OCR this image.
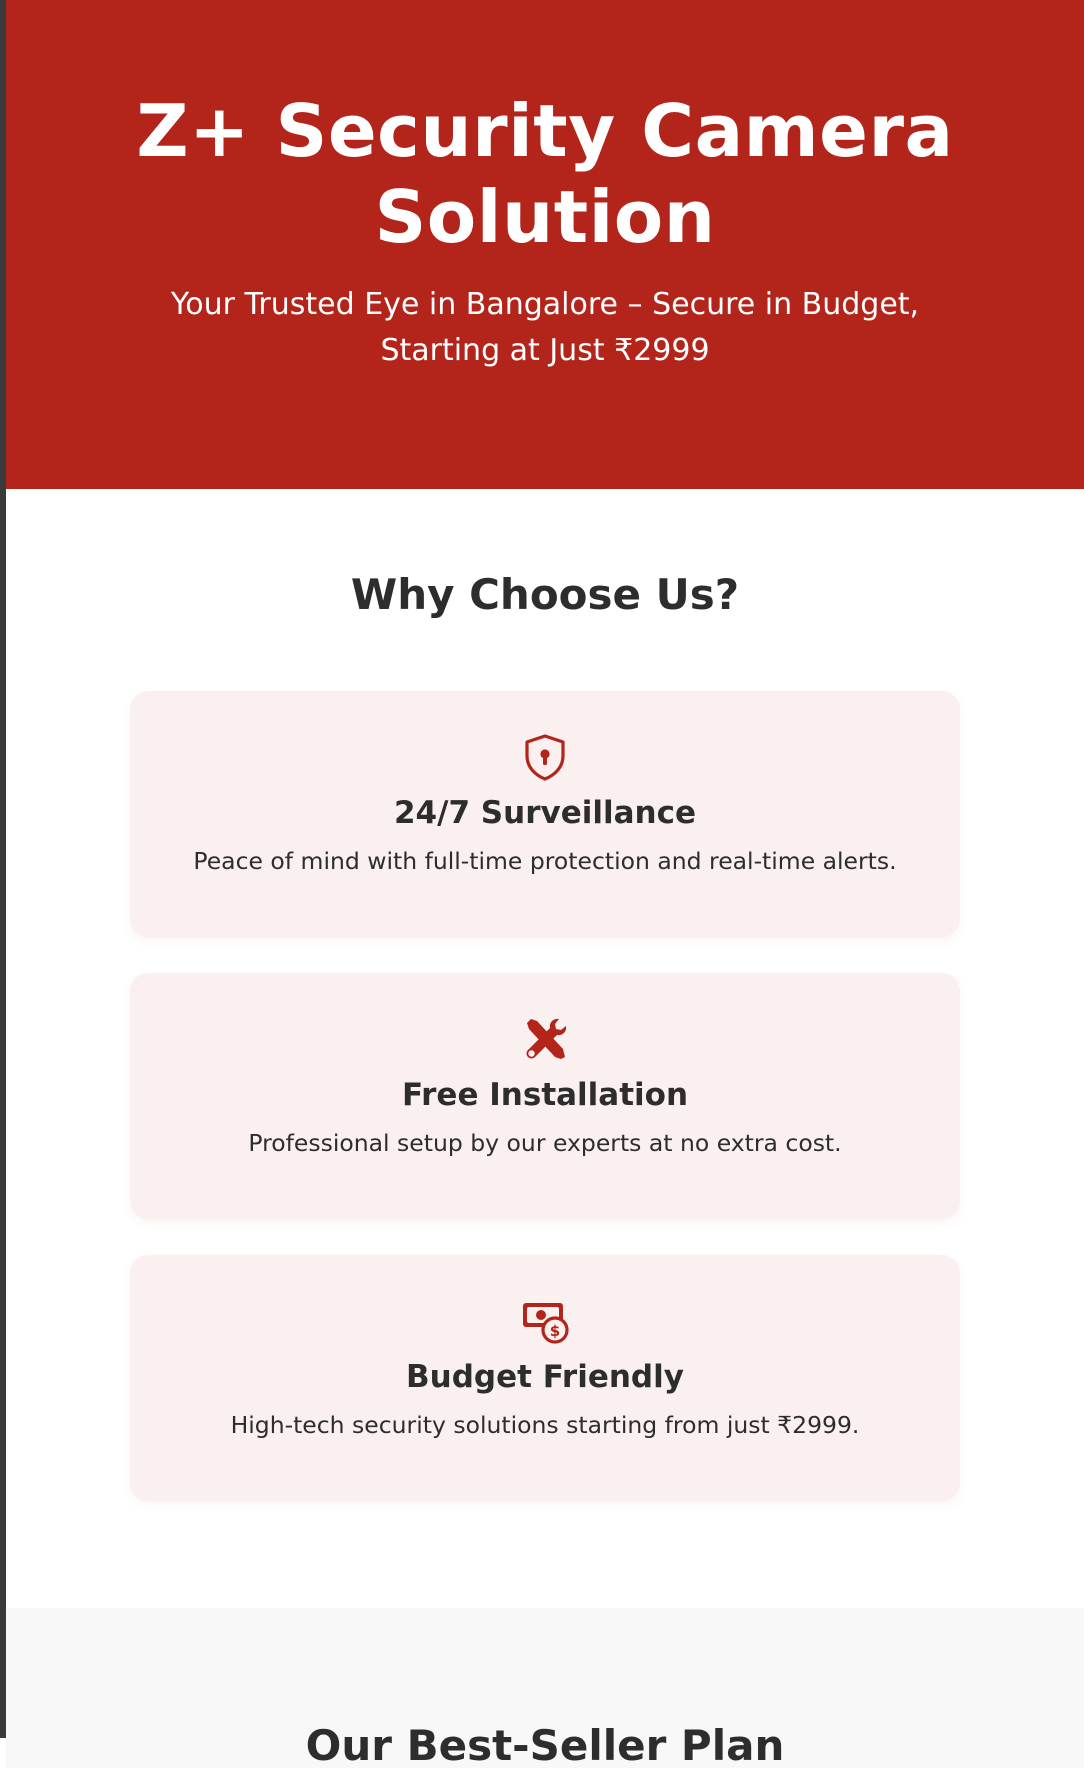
Z+ Security Camera Solution

Your Trusted Eye in Bangalore – Secure in Budget, Starting at Just ₹2999

Why Choose Us?
24/7 Surveillance

Peace of mind with full-time protection and real-time alerts.

Free Installation

Professional setup by our experts at no extra cost.

$
Budget Friendly

High-tech security solutions starting from just ₹2999.

Our Best-Seller Plan
